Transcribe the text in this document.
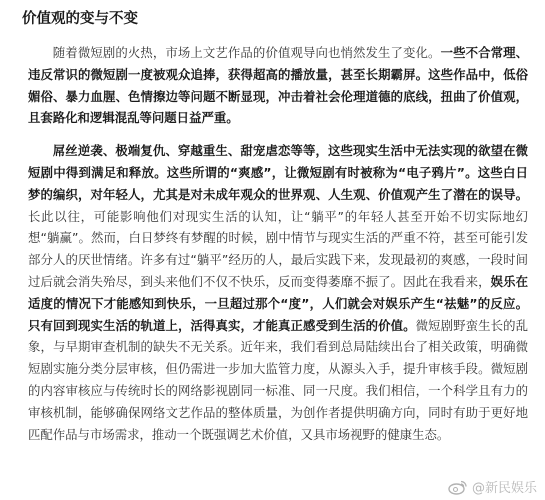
价值观的变与不变

随着微短剧的火热，市场上文艺作品的价值观导向也悄然发生了变化。一些不合常理、违反常识的微短剧一度被观众追捧，获得超高的播放量，甚至长期霸屏。这些作品中，低俗媚俗、暴力血腥、色情擦边等问题不断显现，冲击着社会伦理道德的底线，扭曲了价值观，且套路化和逻辑混乱等问题日益严重。

屌丝逆袭、极端复仇、穿越重生、甜宠虐恋等等，这些现实生活中无法实现的欲望在微短剧中得到满足和释放。这些所谓的“爽感”，让微短剧有时被称为“电子鸦片”。这些白日梦的编织，对年轻人，尤其是对未成年观众的世界观、人生观、价值观产生了潜在的误导。长此以往，可能影响他们对现实生活的认知，让“躺平”的年轻人甚至开始不切实际地幻想“躺赢”。然而，白日梦终有梦醒的时候，剧中情节与现实生活的严重不符，甚至可能引发部分人的厌世情绪。许多有过“躺平”经历的人，最后实践下来，发现最初的爽感，一段时间过后就会消失殆尽，到头来他们不仅不快乐，反而变得萎靡不振了。因此在我看来，娱乐在适度的情况下才能感知到快乐，一旦超过那个“度”，人们就会对娱乐产生“祛魅”的反应。只有回到现实生活的轨道上，活得真实，才能真正感受到生活的价值。微短剧野蛮生长的乱象，与早期审查机制的缺失不无关系。近年来，我们看到总局陆续出台了相关政策，明确微短剧实施分类分层审核，但仍需进一步加大监管力度，从源头入手，提升审核手段。微短剧的内容审核应与传统时长的网络影视剧同一标准、同一尺度。我们相信，一个科学且有力的审核机制，能够确保网络文艺作品的整体质量，为创作者提供明确方向，同时有助于更好地匹配作品与市场需求，推动一个既强调艺术价值，又具市场视野的健康生态。

@新民娱乐
